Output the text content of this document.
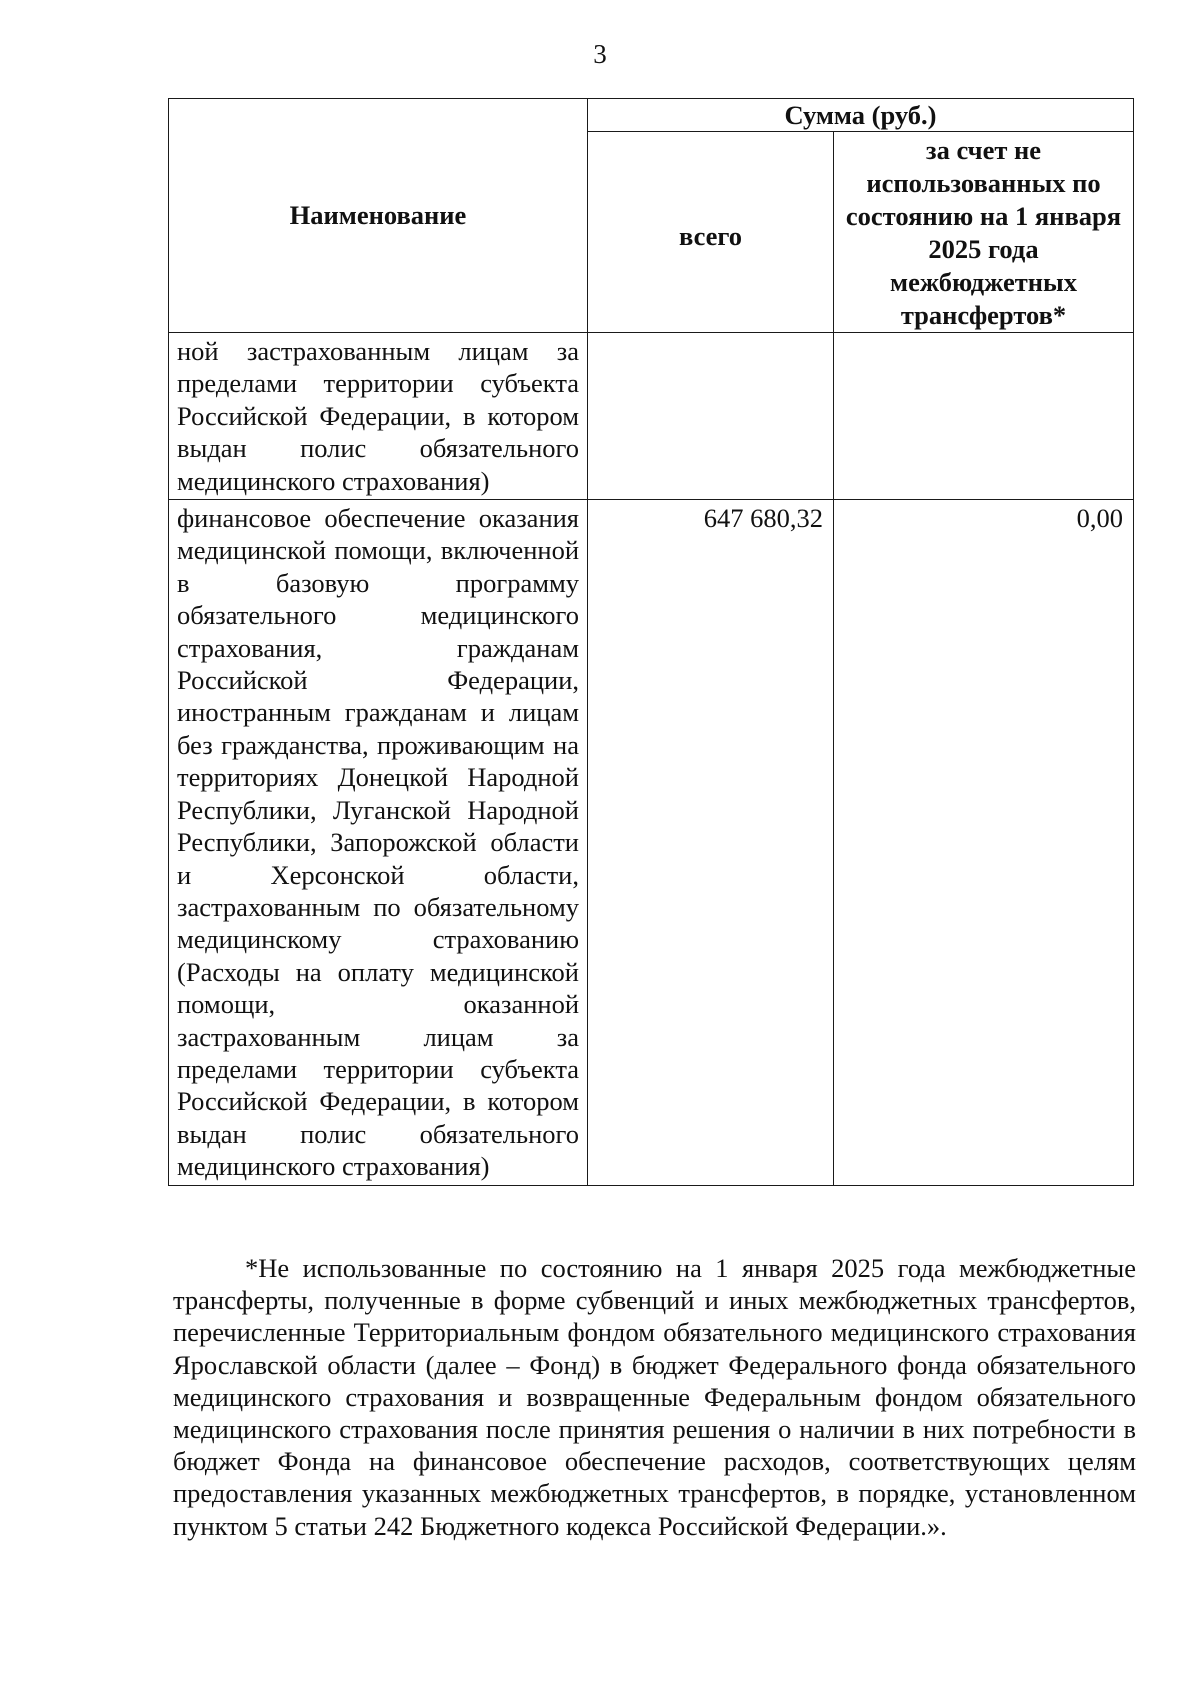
3
Наименование	Сумма (руб.)	
	всего	за счет не использованных по состоянию на 1 января 2025 года межбюджетных трансфертов*
ной застрахованным лицам за пределами территории субъекта Российской Федерации, в котором выдан полис обязательного медицинского страхования)		
финансовое обеспечение оказания медицинской помощи, включенной в базовую программу обязательного медицинского страхования, гражданам Российской Федерации, иностранным гражданам и лицам без гражданства, проживающим на территориях Донецкой Народной Республики, Луганской Народной Республики, Запорожской области и Херсонской области, застрахованным по обязательному медицинскому страхованию (Расходы на оплату медицинской помощи, оказанной застрахованным лицам за пределами территории субъекта Российской Федерации, в котором выдан полис обязательного медицинского страхования)	647 680,32	0,00

*Не использованные по состоянию на 1 января 2025 года межбюджетные трансферты, полученные в форме субвенций и иных межбюджетных трансфертов, перечисленные Территориальным фондом обязательного медицинского страхования Ярославской области (далее – Фонд) в бюджет Федерального фонда обязательного медицинского страхования и возвращенные Федеральным фондом обязательного медицинского страхования после принятия решения о наличии в них потребности в бюджет Фонда на финансовое обеспечение расходов, соответствующих целям предоставления указанных межбюджетных трансфертов, в порядке, установленном пунктом 5 статьи 242 Бюджетного кодекса Российской Федерации.».
